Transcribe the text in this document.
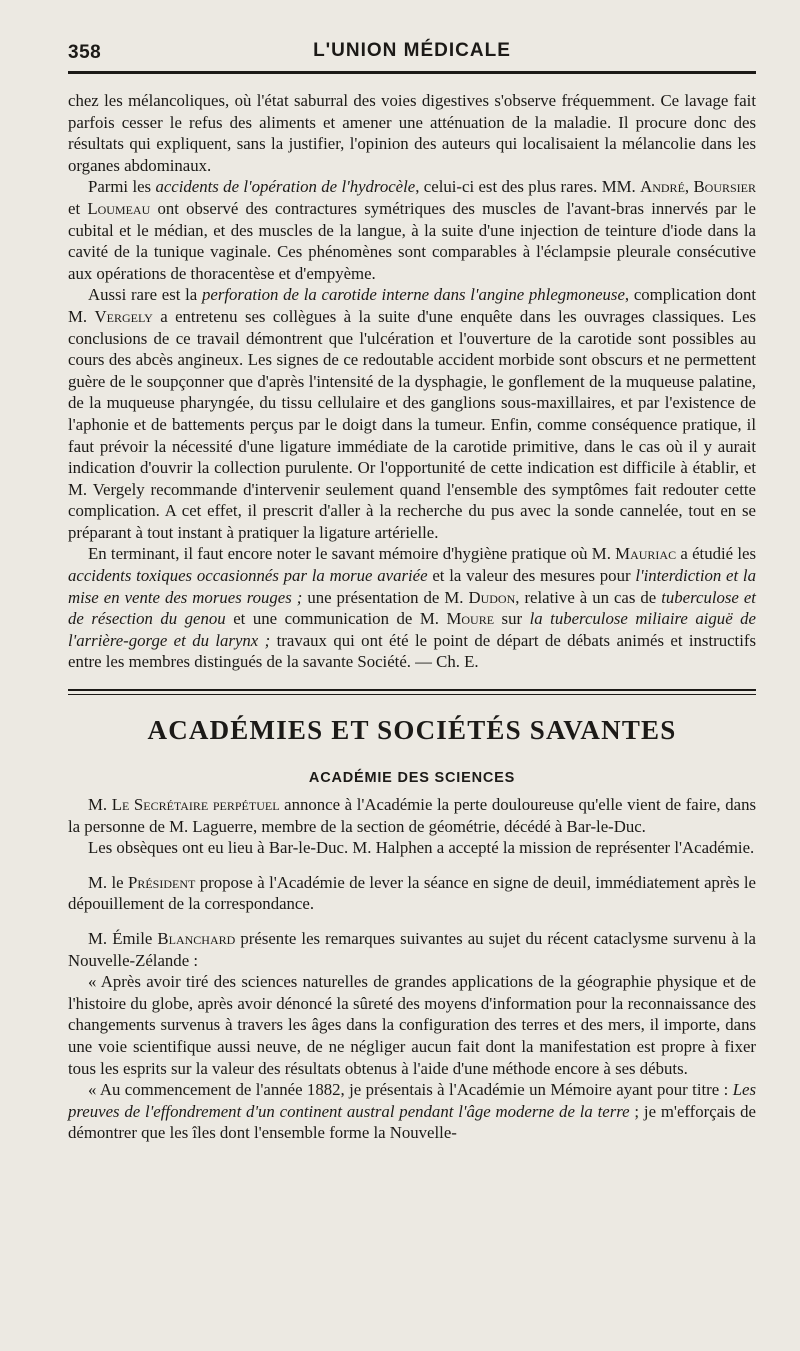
358	L'UNION MÉDICALE

chez les mélancoliques, où l'état saburral des voies digestives s'observe fréquemment. Ce lavage fait parfois cesser le refus des aliments et amener une atténuation de la maladie. Il procure donc des résultats qui expliquent, sans la justifier, l'opinion des auteurs qui localisaient la mélancolie dans les organes abdominaux.

Parmi les accidents de l'opération de l'hydrocèle, celui-ci est des plus rares. MM. André, Boursier et Loumeau ont observé des contractures symétriques des muscles de l'avant-bras innervés par le cubital et le médian, et des muscles de la langue, à la suite d'une injection de teinture d'iode dans la cavité de la tunique vaginale. Ces phénomènes sont comparables à l'éclampsie pleurale consécutive aux opérations de thoracentèse et d'empyème.

Aussi rare est la perforation de la carotide interne dans l'angine phlegmoneuse, complication dont M. Vergely a entretenu ses collègues à la suite d'une enquête dans les ouvrages classiques. Les conclusions de ce travail démontrent que l'ulcération et l'ouverture de la carotide sont possibles au cours des abcès angineux. Les signes de ce redoutable accident morbide sont obscurs et ne permettent guère de le soupçonner que d'après l'intensité de la dysphagie, le gonflement de la muqueuse palatine, de la muqueuse pharyngée, du tissu cellulaire et des ganglions sous-maxillaires, et par l'existence de l'aphonie et de battements perçus par le doigt dans la tumeur. Enfin, comme conséquence pratique, il faut prévoir la nécessité d'une ligature immédiate de la carotide primitive, dans le cas où il y aurait indication d'ouvrir la collection purulente. Or l'opportunité de cette indication est difficile à établir, et M. Vergely recommande d'intervenir seulement quand l'ensemble des symptômes fait redouter cette complication. A cet effet, il prescrit d'aller à la recherche du pus avec la sonde cannelée, tout en se préparant à tout instant à pratiquer la ligature artérielle.

En terminant, il faut encore noter le savant mémoire d'hygiène pratique où M. Mauriac a étudié les accidents toxiques occasionnés par la morue avariée et la valeur des mesures pour l'interdiction et la mise en vente des morues rouges ; une présentation de M. Dudon, relative à un cas de tuberculose et de résection du genou et une communication de M. Moure sur la tuberculose miliaire aiguë de l'arrière-gorge et du larynx ; travaux qui ont été le point de départ de débats animés et instructifs entre les membres distingués de la savante Société. — Ch. E.

ACADÉMIES ET SOCIÉTÉS SAVANTES
ACADÉMIE DES SCIENCES

M. Le Secrétaire perpétuel annonce à l'Académie la perte douloureuse qu'elle vient de faire, dans la personne de M. Laguerre, membre de la section de géométrie, décédé à Bar-le-Duc.

Les obsèques ont eu lieu à Bar-le-Duc. M. Halphen a accepté la mission de représenter l'Académie.

M. le Président propose à l'Académie de lever la séance en signe de deuil, immédiatement après le dépouillement de la correspondance.

M. Émile Blanchard présente les remarques suivantes au sujet du récent cataclysme survenu à la Nouvelle-Zélande :

« Après avoir tiré des sciences naturelles de grandes applications de la géographie physique et de l'histoire du globe, après avoir dénoncé la sûreté des moyens d'information pour la reconnaissance des changements survenus à travers les âges dans la configuration des terres et des mers, il importe, dans une voie scientifique aussi neuve, de ne négliger aucun fait dont la manifestation est propre à fixer tous les esprits sur la valeur des résultats obtenus à l'aide d'une méthode encore à ses débuts.

« Au commencement de l'année 1882, je présentais à l'Académie un Mémoire ayant pour titre : Les preuves de l'effondrement d'un continent austral pendant l'âge moderne de la terre ; je m'efforçais de démontrer que les îles dont l'ensemble forme la Nouvelle-
